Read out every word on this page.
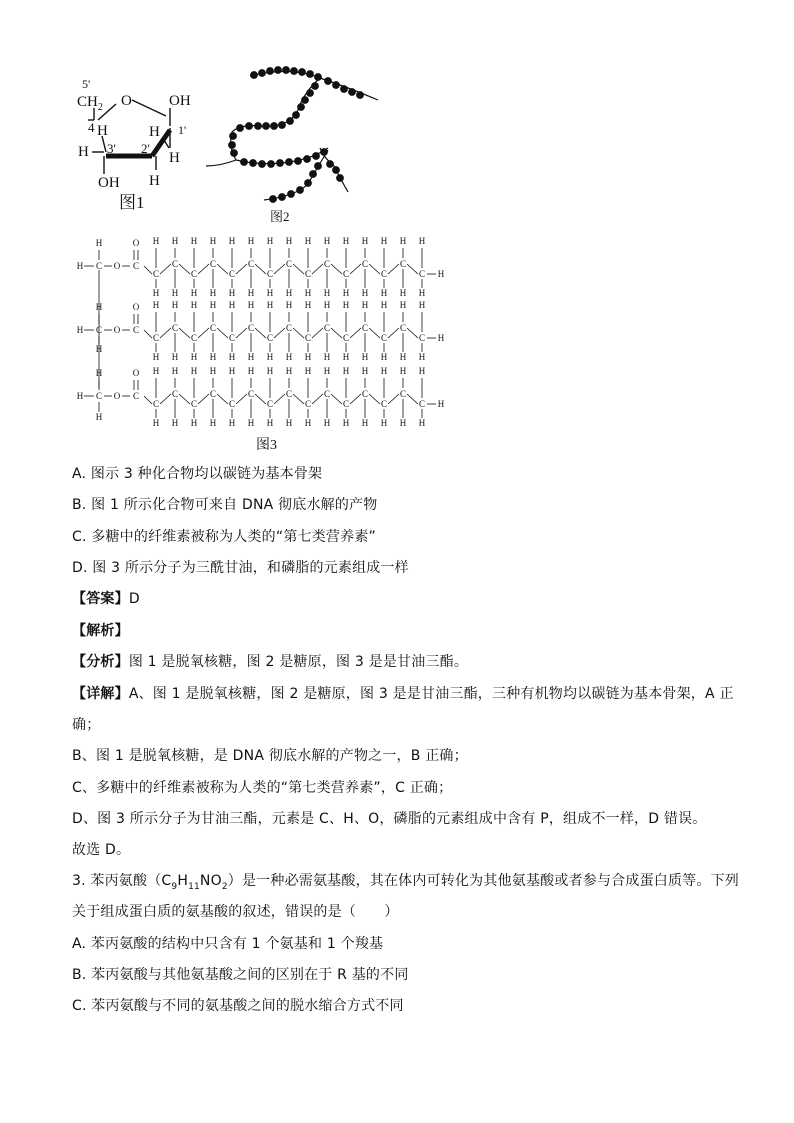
5'
$CH_2$ O OH
4 H
H 3' 2'
H 1'
H
OH H
图1
图2
H C
H
O C
O
C
H
H
C
H
H
C
H
H
C
H
H
C
H
H
C
H
H
C
H
H
C
H
H
C
H
H
C
H
H
C
H
H
C
H
H
C
H
H
C
H
H
C
H
H
H
H C
H
H
O C
O
C
H
H
C
H
H
C
H
H
C
H
H
C
H
H
C
H
H
C
H
H
C
H
H
C
H
H
C
H
H
C
H
H
C
H
H
C
H
H
C
H
H
C
H
H
H
H C
H
H
O C
O
C
H
H
C
H
H
C
H
H
C
H
H
C
H
H
C
H
H
C
H
H
C
H
H
C
H
H
C
H
H
C
H
H
C
H
H
C
H
H
C
H
H
C
H
H
H
图3
A. 图示 3 种化合物均以碳链为基本骨架
B. 图 1 所示化合物可来自 DNA 彻底水解的产物
C. 多糖中的纤维素被称为人类的“第七类营养素”
D. 图 3 所示分子为三酰甘油，和磷脂的元素组成一样
【答案】D
【解析】
【分析】图 1 是脱氧核糖，图 2 是糖原，图 3 是是甘油三酯。
【详解】A、图 1 是脱氧核糖，图 2 是糖原，图 3 是是甘油三酯，三种有机物均以碳链为基本骨架，A 正
确；
B、图 1 是脱氧核糖，是 DNA 彻底水解的产物之一，B 正确；
C、多糖中的纤维素被称为人类的“第七类营养素”，C 正确；
D、图 3 所示分子为甘油三酯，元素是 C、H、O，磷脂的元素组成中含有 P，组成不一样，D 错误。
故选 D。
3. 苯丙氨酸$(C_9H_{11}NO_2)$是一种必需氨基酸，其在体内可转化为其他氨基酸或者参与合成蛋白质等。下列
关于组成蛋白质的氨基酸的叙述，错误的是（　　）
A. 苯丙氨酸的结构中只含有 1 个氨基和 1 个羧基
B. 苯丙氨酸与其他氨基酸之间的区别在于 R 基的不同
C. 苯丙氨酸与不同的氨基酸之间的脱水缩合方式不同
